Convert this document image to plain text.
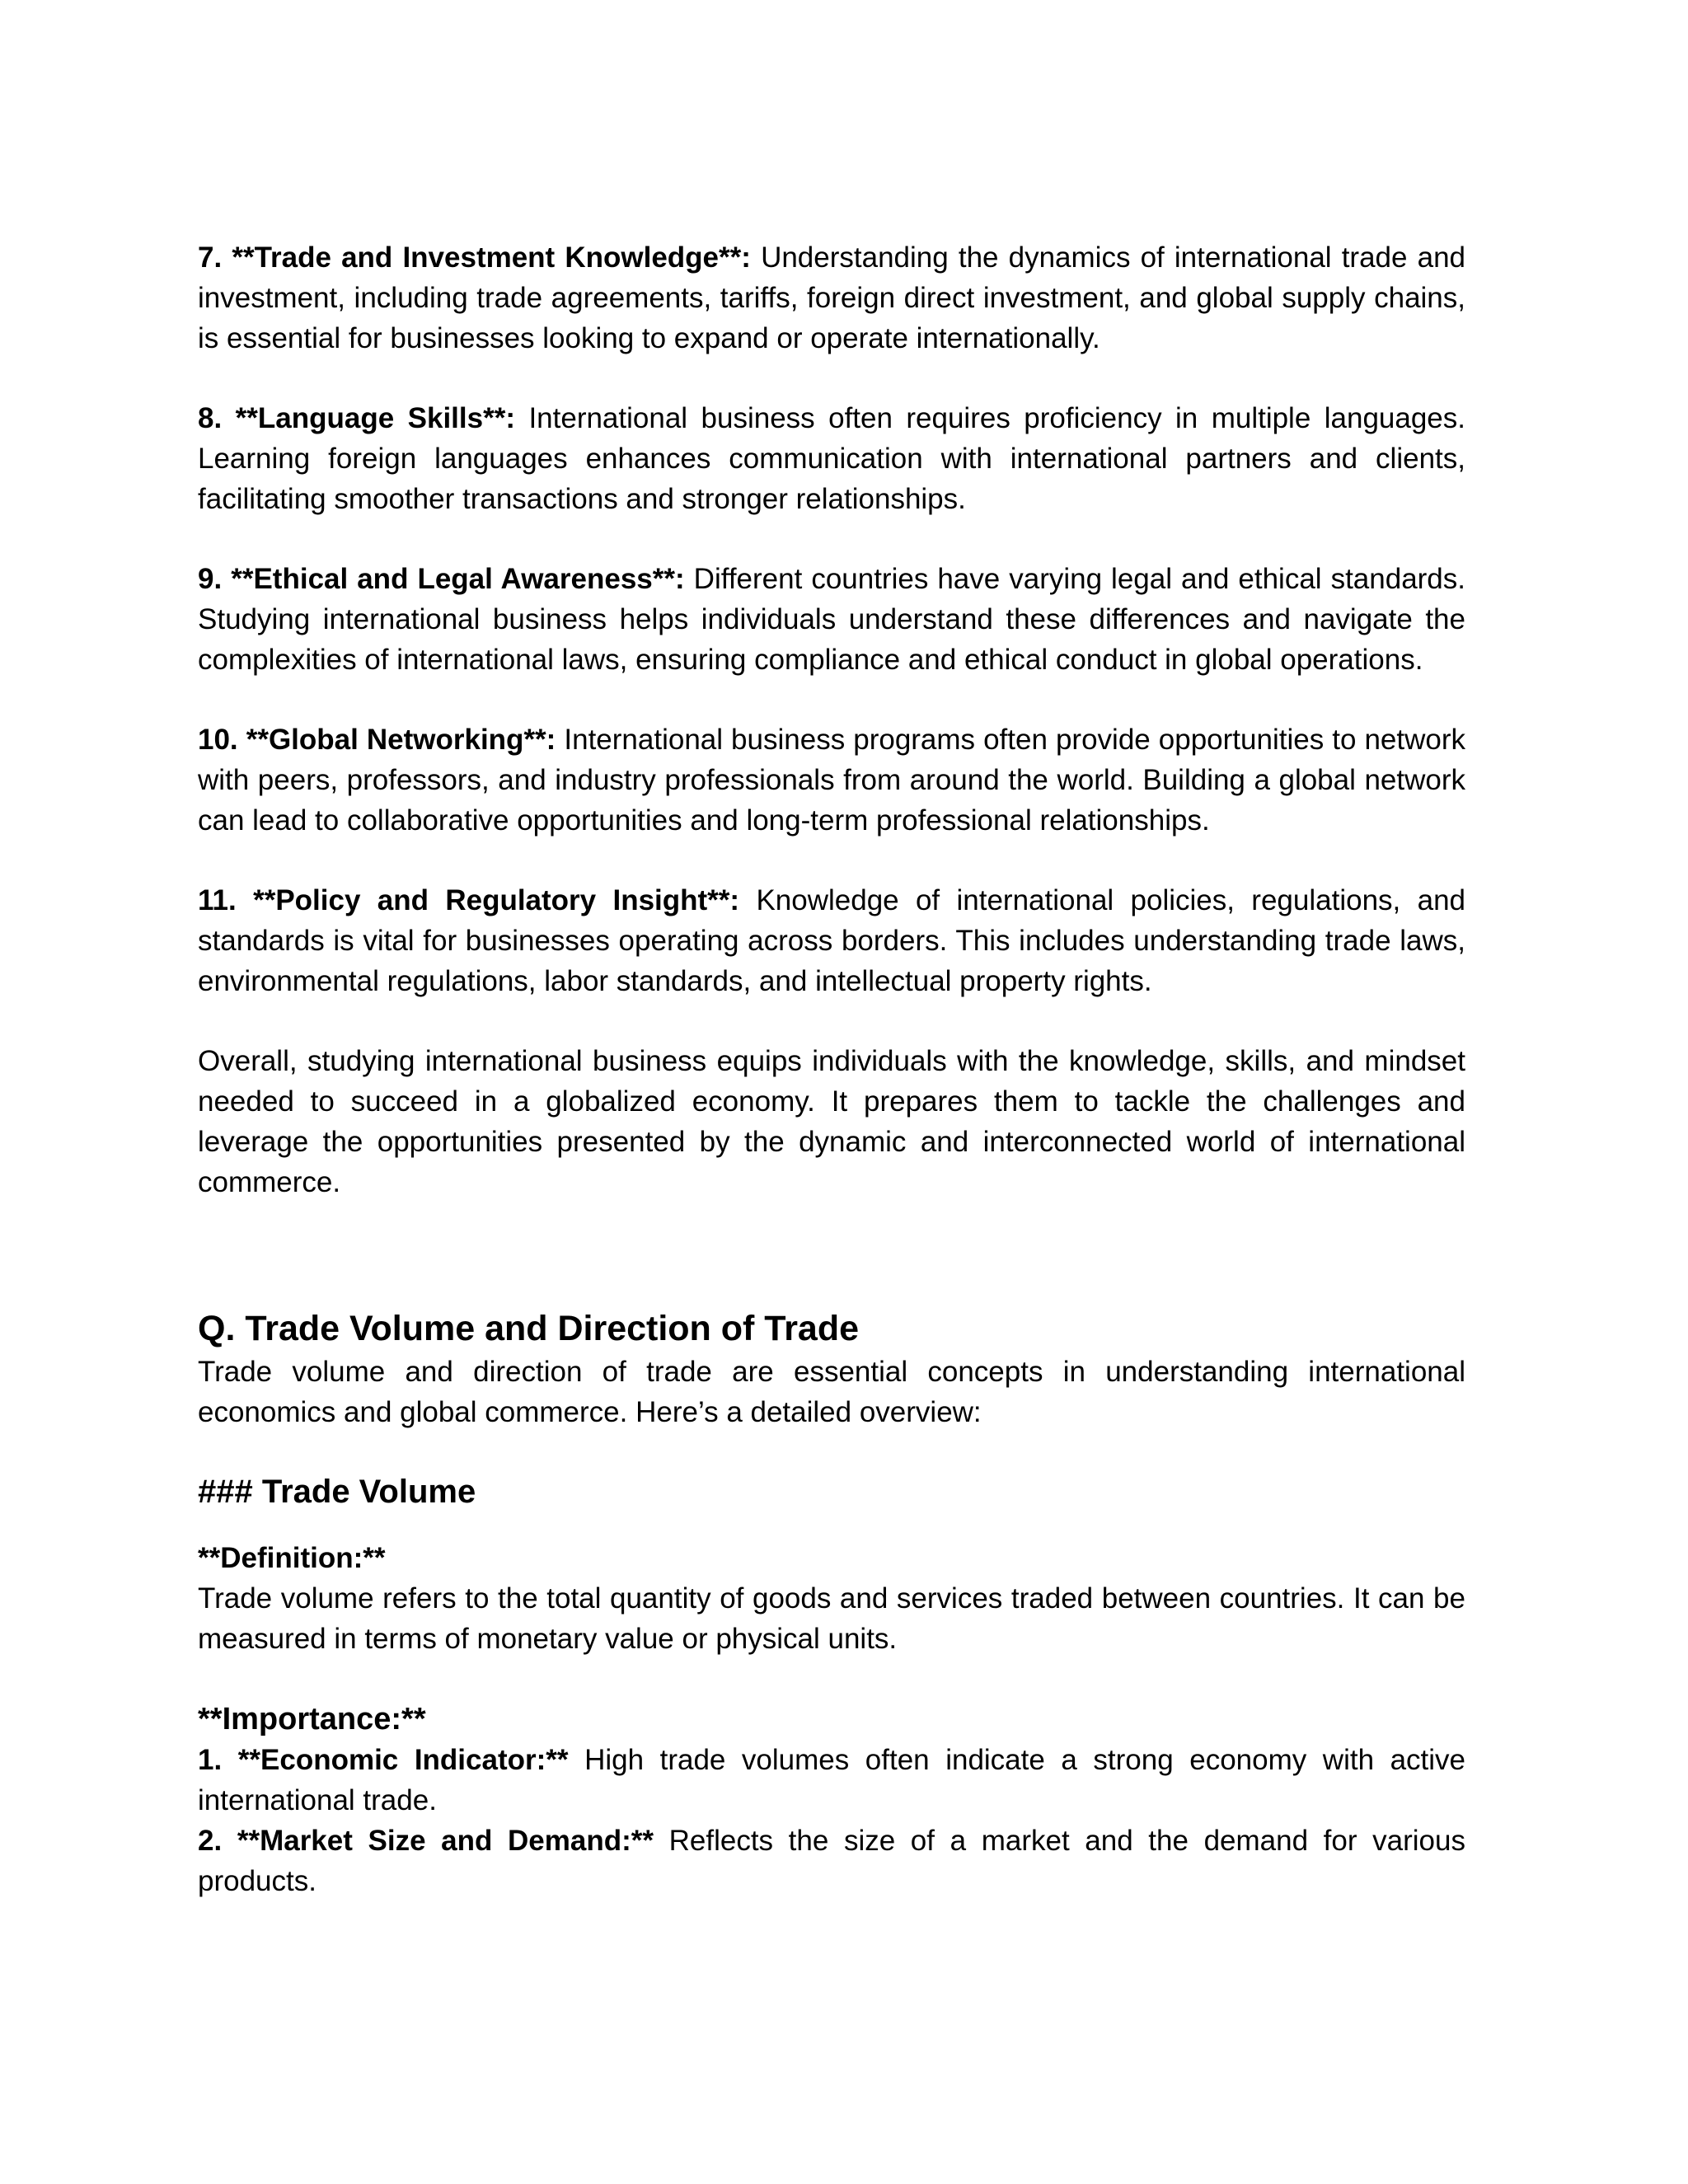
7. **Trade and Investment Knowledge**: Understanding the dynamics of international trade and investment, including trade agreements, tariffs, foreign direct investment, and global supply chains, is essential for businesses looking to expand or operate internationally.

8. **Language Skills**: International business often requires proficiency in multiple languages. Learning foreign languages enhances communication with international partners and clients, facilitating smoother transactions and stronger relationships.

9. **Ethical and Legal Awareness**: Different countries have varying legal and ethical standards. Studying international business helps individuals understand these differences and navigate the complexities of international laws, ensuring compliance and ethical conduct in global operations.

10. **Global Networking**: International business programs often provide opportunities to network with peers, professors, and industry professionals from around the world. Building a global network can lead to collaborative opportunities and long-term professional relationships.

11. **Policy and Regulatory Insight**: Knowledge of international policies, regulations, and standards is vital for businesses operating across borders. This includes understanding trade laws, environmental regulations, labor standards, and intellectual property rights.

Overall, studying international business equips individuals with the knowledge, skills, and mindset needed to succeed in a globalized economy. It prepares them to tackle the challenges and leverage the opportunities presented by the dynamic and interconnected world of international commerce.

Q. Trade Volume and Direction of Trade

Trade volume and direction of trade are essential concepts in understanding international economics and global commerce. Here’s a detailed overview:

### Trade Volume

**Definition:**

Trade volume refers to the total quantity of goods and services traded between countries. It can be measured in terms of monetary value or physical units.

**Importance:**

1. **Economic Indicator:** High trade volumes often indicate a strong economy with active international trade.

2. **Market Size and Demand:** Reflects the size of a market and the demand for various products.
